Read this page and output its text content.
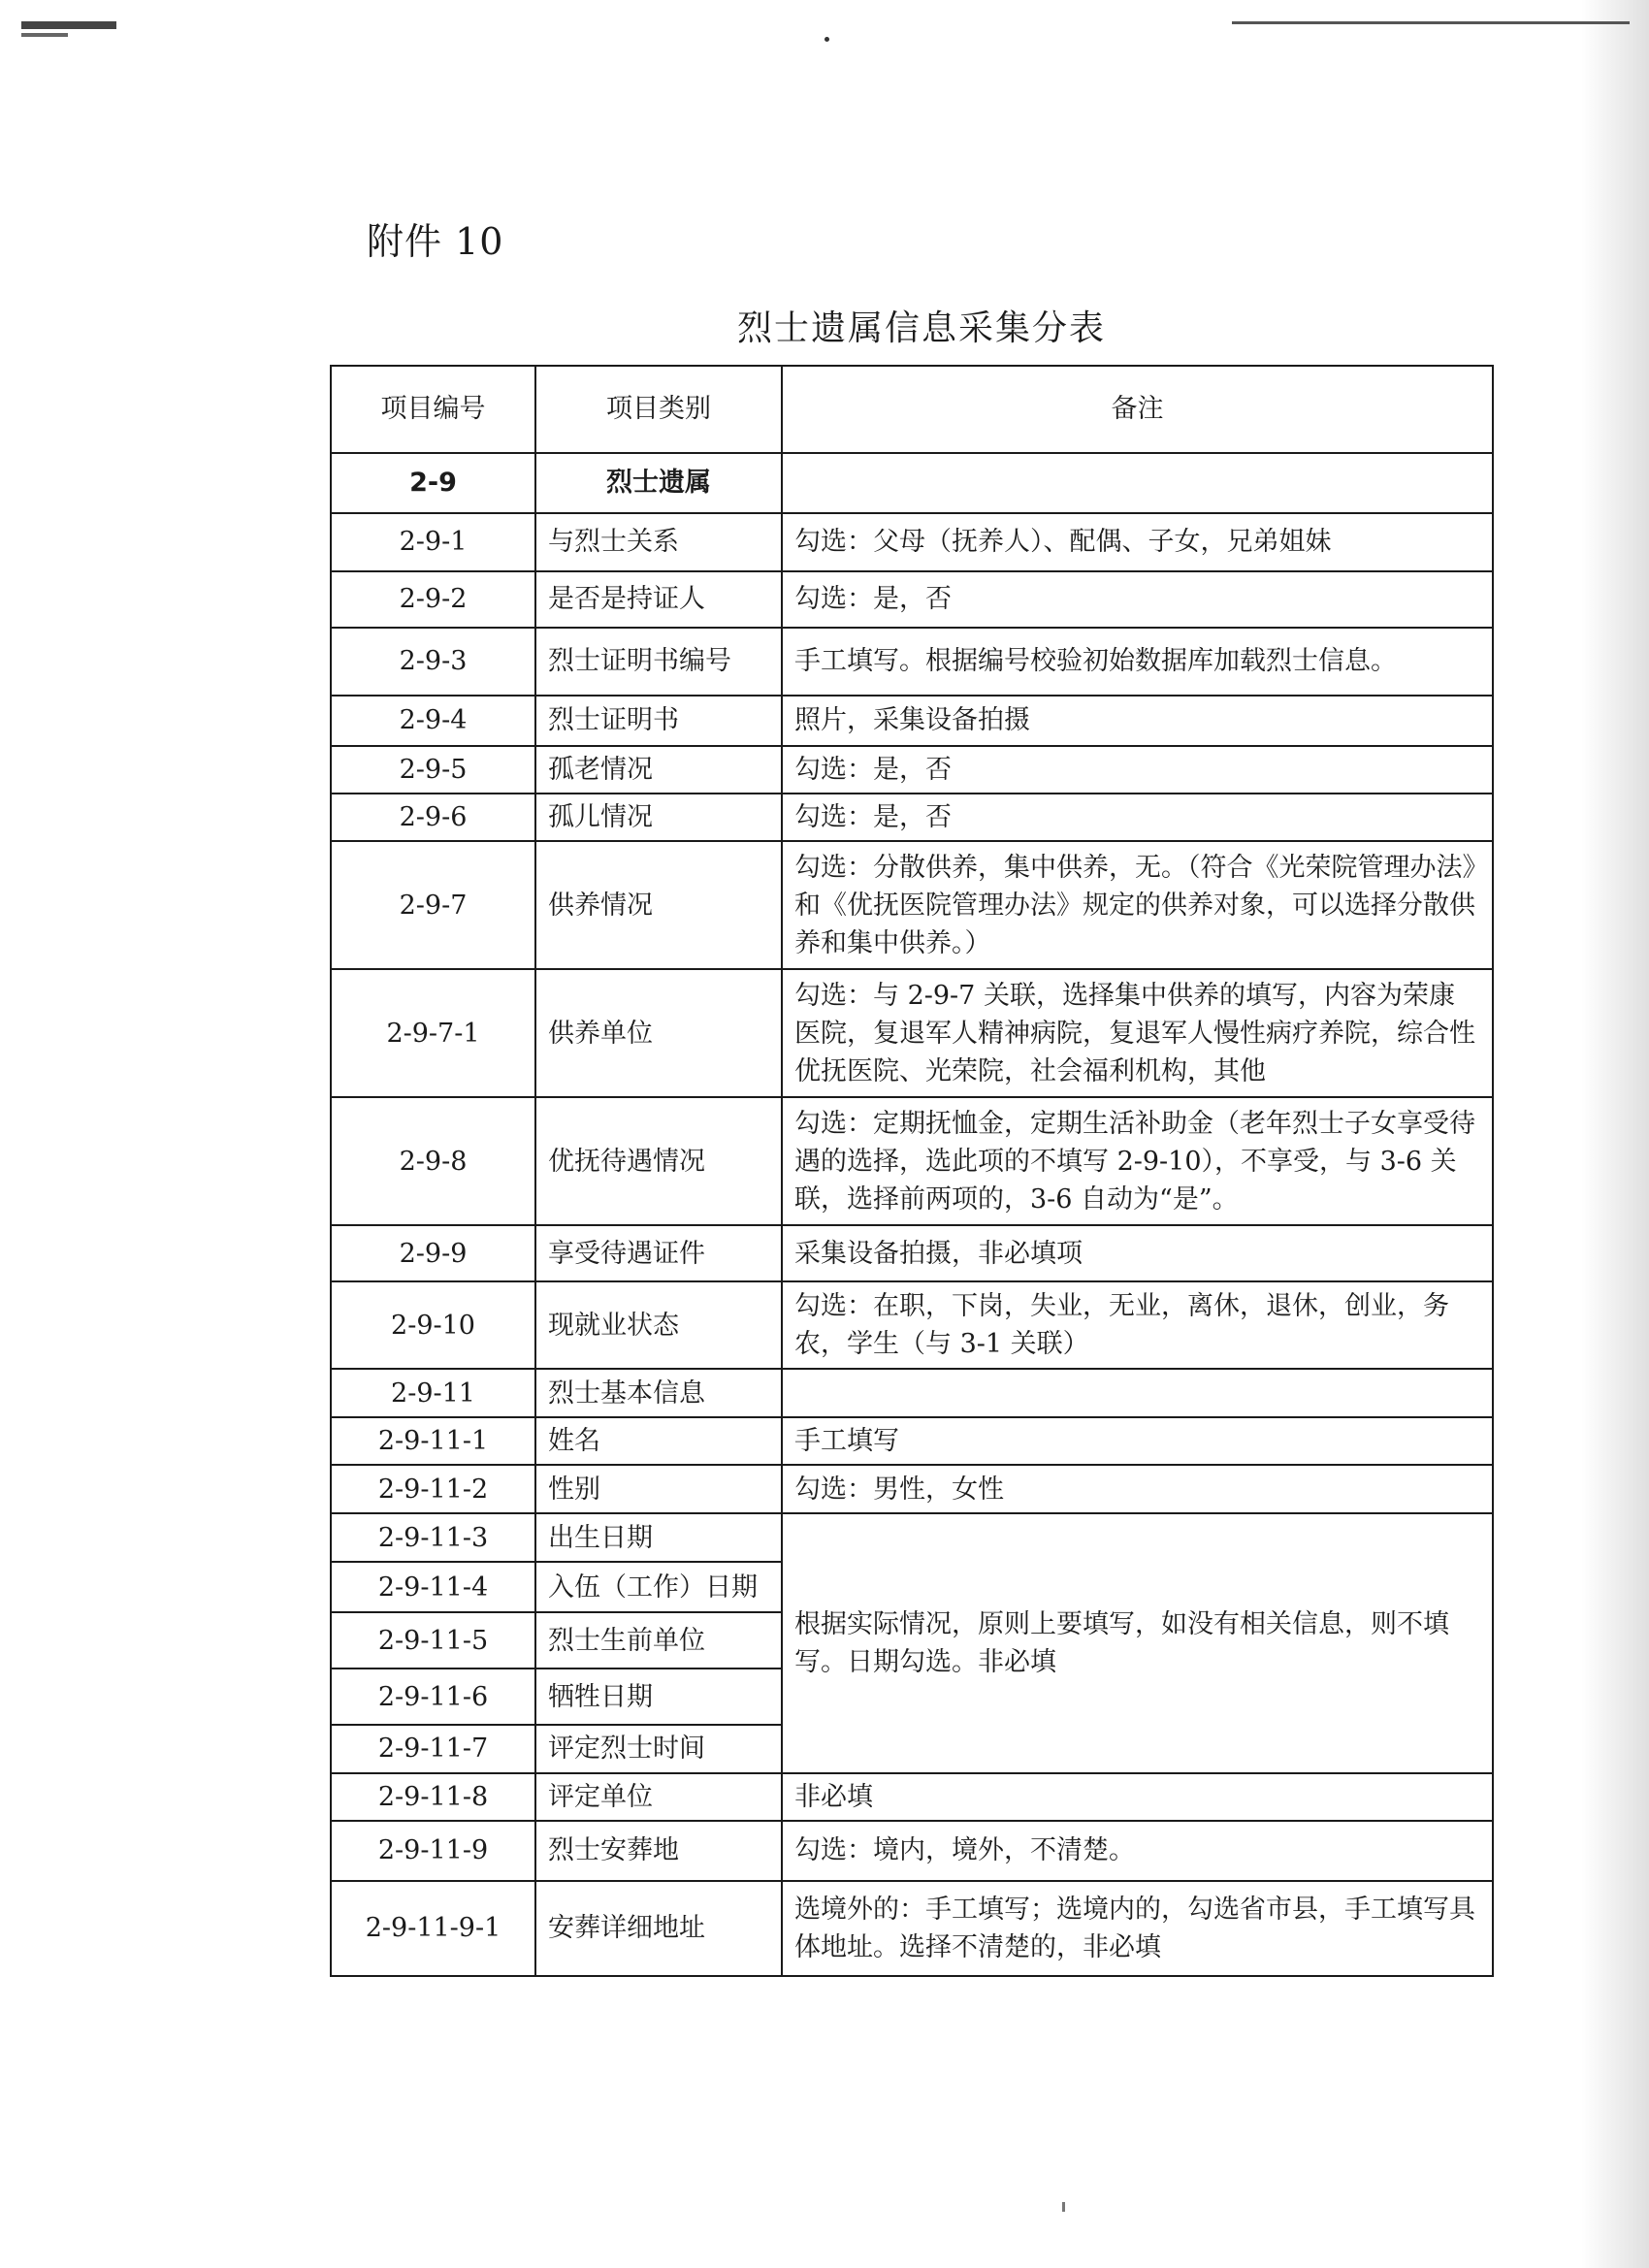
附件 10
烈士遗属信息采集分表
项目编号	项目类别	备注
2-9	烈士遗属	
2-9-1	与烈士关系	勾选：父母（抚养人）、配偶、子女，兄弟姐妹
2-9-2	是否是持证人	勾选：是，否
2-9-3	烈士证明书编号	手工填写。根据编号校验初始数据库加载烈士信息。
2-9-4	烈士证明书	照片，采集设备拍摄
2-9-5	孤老情况	勾选：是，否
2-9-6	孤儿情况	勾选：是，否
2-9-7	供养情况	勾选：分散供养，集中供养，无。（符合《光荣院管理办法》和《优抚医院管理办法》规定的供养对象，可以选择分散供养和集中供养。）
2-9-7-1	供养单位	勾选：与 2-9-7 关联，选择集中供养的填写，内容为荣康医院，复退军人精神病院，复退军人慢性病疗养院，综合性优抚医院、光荣院，社会福利机构，其他
2-9-8	优抚待遇情况	勾选：定期抚恤金，定期生活补助金（老年烈士子女享受待遇的选择，选此项的不填写 2-9-10），不享受，与 3-6 关联，选择前两项的，3-6 自动为“是”。
2-9-9	享受待遇证件	采集设备拍摄，非必填项
2-9-10	现就业状态	勾选：在职，下岗，失业，无业，离休，退休，创业，务农，学生（与 3-1 关联）
2-9-11	烈士基本信息	
2-9-11-1	姓名	手工填写
2-9-11-2	性别	勾选：男性，女性
2-9-11-3	出生日期	根据实际情况，原则上要填写，如没有相关信息，则不填写。日期勾选。非必填
2-9-11-4	入伍（工作）日期	
2-9-11-5	烈士生前单位	
2-9-11-6	牺牲日期	
2-9-11-7	评定烈士时间	
2-9-11-8	评定单位	非必填
2-9-11-9	烈士安葬地	勾选：境内，境外，不清楚。
2-9-11-9-1	安葬详细地址	选境外的：手工填写；选境内的，勾选省市县，手工填写具体地址。选择不清楚的，非必填
